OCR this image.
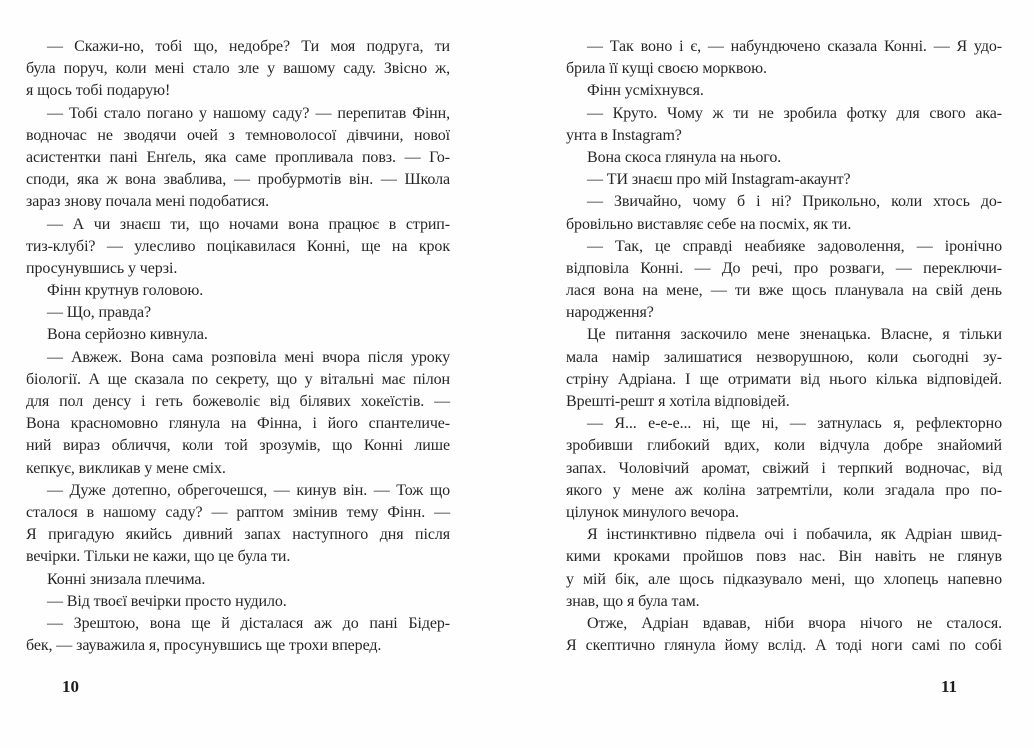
— Скажи-но, тобі що, недобре? Ти моя подруга, ти
була поруч, коли мені стало зле у вашому саду. Звісно ж,
я щось тобі подарую!
— Тобі стало погано у нашому саду? — перепитав Фінн,
водночас не зводячи очей з темноволосої дівчини, нової
асистентки пані Енґель, яка саме пропливала повз. — Го-
споди, яка ж вона зваблива, — пробурмотів він. — Школа
зараз знову почала мені подобатися.
— А чи знаєш ти, що ночами вона працює в стрип-
тиз-клубі? — улесливо поцікавилася Конні, ще на крок
просунувшись у черзі.
Фінн крутнув головою.
— Що, правда?
Вона серйозно кивнула.
— Авжеж. Вона сама розповіла мені вчора після уроку
біології. А ще сказала по секрету, що у вітальні має пілон
для пол денсу і геть божеволіє від білявих хокеїстів. —
Вона красномовно глянула на Фінна, і його спантеличе-
ний вираз обличчя, коли той зрозумів, що Конні лише
кепкує, викликав у мене сміх.
— Дуже дотепно, обрегочешся, — кинув він. — Тож що
сталося в нашому саду? — раптом змінив тему Фінн. —
Я пригадую якийсь дивний запах наступного дня після
вечірки. Тільки не кажи, що це була ти.
Конні знизала плечима.
— Від твоєї вечірки просто нудило.
— Зрештою, вона ще й дісталася аж до пані Бідер-
бек, — зауважила я, просунувшись ще трохи вперед.
10
— Так воно і є, — набундючено сказала Конні. — Я удо-
брила її кущі своєю морквою.
Фінн усміхнувся.
— Круто. Чому ж ти не зробила фотку для свого ака-
унта в Instagram?
Вона скоса глянула на нього.
— ТИ знаєш про мій Instagram-акаунт?
— Звичайно, чому б і ні? Прикольно, коли хтось до-
бровільно виставляє себе на посміх, як ти.
— Так, це справді неабияке задоволення, — іронічно
відповіла Конні. — До речі, про розваги, — переключи-
лася вона на мене, — ти вже щось планувала на свій день
народження?
Це питання заскочило мене зненацька. Власне, я тільки
мала намір залишатися незворушною, коли сьогодні зу-
стріну Адріана. І ще отримати від нього кілька відповідей.
Врешті-решт я хотіла відповідей.
— Я... е-е-е... ні, ще ні, — затнулась я, рефлекторно
зробивши глибокий вдих, коли відчула добре знайомий
запах. Чоловічий аромат, свіжий і терпкий водночас, від
якого у мене аж коліна затремтіли, коли згадала про по-
цілунок минулого вечора.
Я інстинктивно підвела очі і побачила, як Адріан швид-
кими кроками пройшов повз нас. Він навіть не глянув
у мій бік, але щось підказувало мені, що хлопець напевно
знав, що я була там.
Отже, Адріан вдавав, ніби вчора нічого не сталося.
Я скептично глянула йому вслід. А тоді ноги самі по собі
11
